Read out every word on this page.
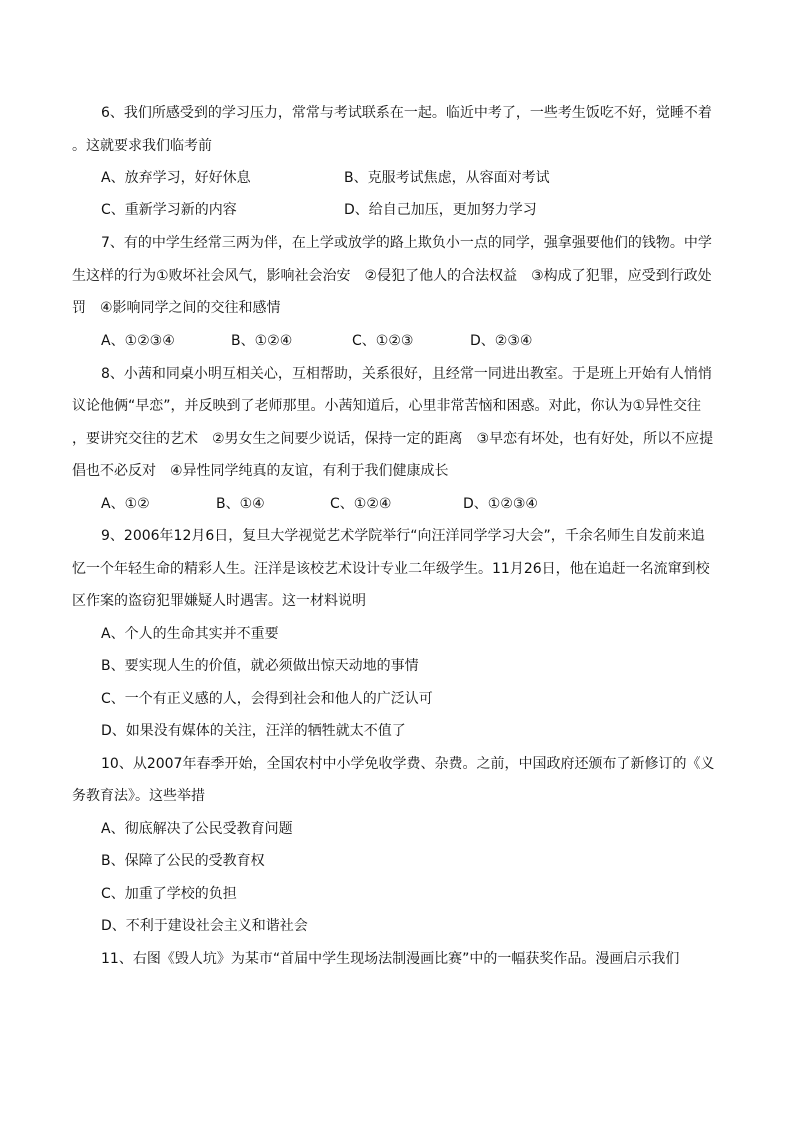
6、我们所感受到的学习压力，常常与考试联系在一起。临近中考了，一些考生饭吃不好，觉睡不着
。这就要求我们临考前
A、放弃学习，好好休息	B、克服考试焦虑，从容面对考试
C、重新学习新的内容	D、给自己加压，更加努力学习
7、有的中学生经常三两为伴，在上学或放学的路上欺负小一点的同学，强拿强要他们的钱物。中学
生这样的行为①败坏社会风气，影响社会治安　②侵犯了他人的合法权益　③构成了犯罪，应受到行政处
罚　④影响同学之间的交往和感情
A、①②③④	B、①②④	C、①②③	D、②③④
8、小茜和同桌小明互相关心，互相帮助，关系很好，且经常一同进出教室。于是班上开始有人悄悄
议论他俩“早恋”，并反映到了老师那里。小茜知道后，心里非常苦恼和困惑。对此，你认为①异性交往
，要讲究交往的艺术　②男女生之间要少说话，保持一定的距离　③早恋有坏处，也有好处，所以不应提
倡也不必反对　④异性同学纯真的友谊，有利于我们健康成长
A、①②	B、①④	C、①②④	D、①②③④
9、2006年12月6日，复旦大学视觉艺术学院举行“向汪洋同学学习大会”，千余名师生自发前来追
忆一个年轻生命的精彩人生。汪洋是该校艺术设计专业二年级学生。11月26日，他在追赶一名流窜到校
区作案的盗窃犯罪嫌疑人时遇害。这一材料说明
A、个人的生命其实并不重要
B、要实现人生的价值，就必须做出惊天动地的事情
C、一个有正义感的人，会得到社会和他人的广泛认可
D、如果没有媒体的关注，汪洋的牺牲就太不值了
10、从2007年春季开始，全国农村中小学免收学费、杂费。之前，中国政府还颁布了新修订的《义
务教育法》。这些举措
A、彻底解决了公民受教育问题
B、保障了公民的受教育权
C、加重了学校的负担
D、不利于建设社会主义和谐社会
11、右图《毁人坑》为某市“首届中学生现场法制漫画比赛”中的一幅获奖作品。漫画启示我们
